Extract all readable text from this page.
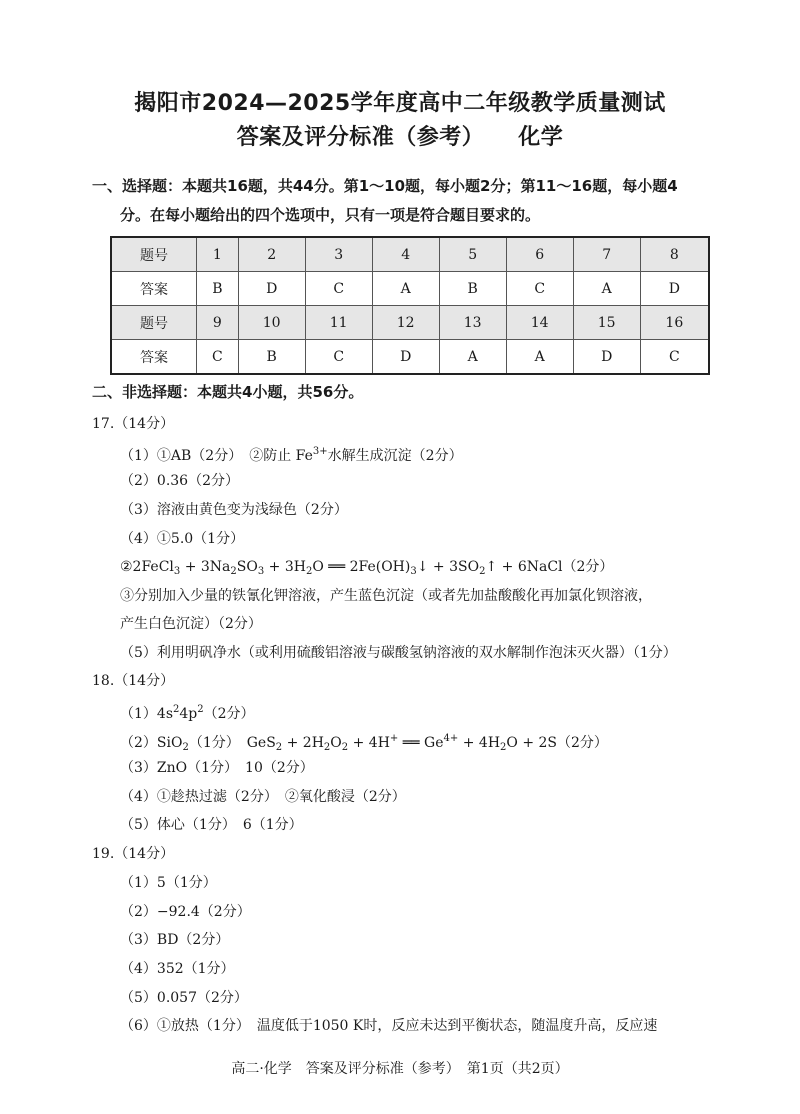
揭阳市2024—2025学年度高中二年级教学质量测试
答案及评分标准（参考） 化学
一、选择题：本题共16题，共44分。第1～10题，每小题2分；第11～16题，每小题4
分。在每小题给出的四个选项中，只有一项是符合题目要求的。
题号	1	2	3	4	5	6	7	8
答案	B	D	C	A	B	C	A	D
题号	9	10	11	12	13	14	15	16
答案	C	B	C	D	A	A	D	C
二、非选择题：本题共4小题，共56分。
17.（14分）
（1）①AB（2分）　②防止 $Fe^{3+}$水解生成沉淀（2分）
（2）0.36（2分）
（3）溶液由黄色变为浅绿色（2分）
（4）①5.0（1分）
②2FeCl$_3$ + $3Na_2SO_3 + 3H_2O$ ══ $2Fe(OH)_3↓$ + $3SO_2↑$ + 6NaCl（2分）
③分别加入少量的铁氰化钾溶液，产生蓝色沉淀（或者先加盐酸酸化再加氯化钡溶液，
产生白色沉淀）（2分）
（5）利用明矾净水（或利用硫酸铝溶液与碳酸氢钠溶液的双水解制作泡沫灭火器）（1分）
18.（14分）
$(1)4s^24p^2(2$分）
（2）SiO$_2$（1分）　$GeS_2 + 2H_2O_2 + 4H^+$ ══ $Ge^{4+} + 4H_2O + 2S(2$分）
（3）ZnO（1分）　10（2分）
（4）①趁热过滤（2分）　②氧化酸浸（2分）
（5）体心（1分）　6（1分）
19.（14分）
（1）5（1分）
（2）−92.4（2分）
（3）BD（2分）
（4）352（1分）
（5）0.057（2分）
（6）①放热（1分）　温度低于1050 K时，反应未达到平衡状态，随温度升高，反应速
高二·化学　答案及评分标准（参考）　第1页（共2页）
